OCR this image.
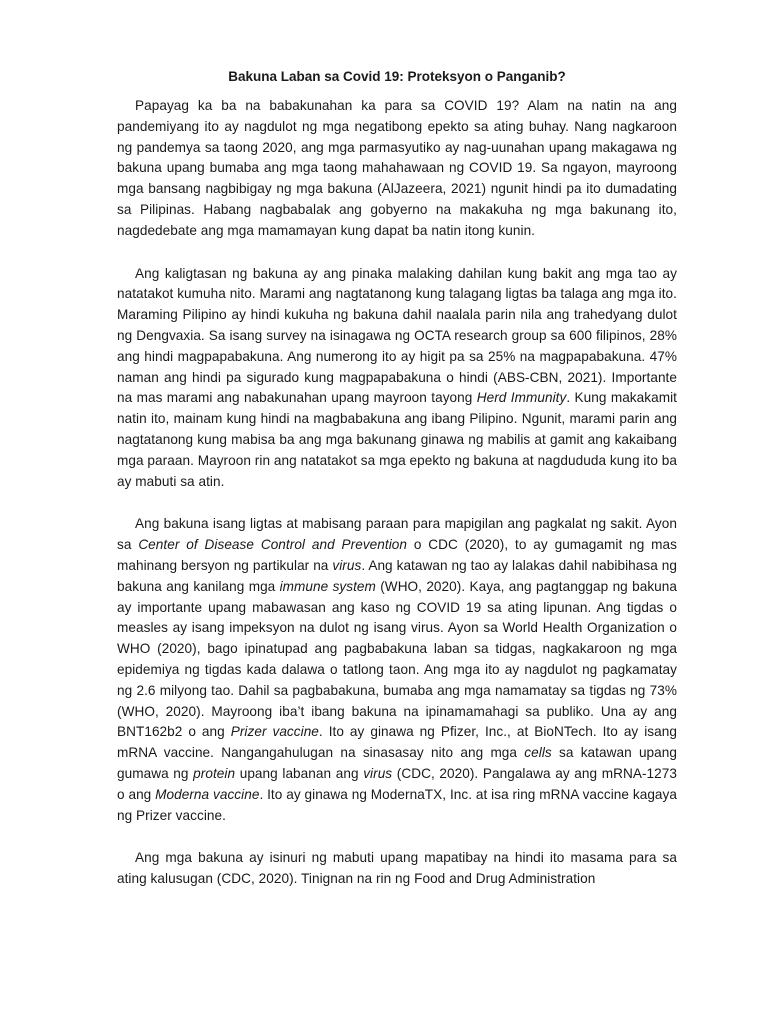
Bakuna Laban sa Covid 19: Proteksyon o Panganib?

Papayag ka ba na babakunahan ka para sa COVID 19? Alam na natin na ang pandemiyang ito ay nagdulot ng mga negatibong epekto sa ating buhay. Nang nagkaroon ng pandemya sa taong 2020, ang mga parmasyutiko ay nag-uunahan upang makagawa ng bakuna upang bumaba ang mga taong mahahawaan ng COVID 19. Sa ngayon, mayroong mga bansang nagbibigay ng mga bakuna (AlJazeera, 2021) ngunit hindi pa ito dumadating sa Pilipinas. Habang nagbabalak ang gobyerno na makakuha ng mga bakunang ito, nagdedebate ang mga mamamayan kung dapat ba natin itong kunin.

Ang kaligtasan ng bakuna ay ang pinaka malaking dahilan kung bakit ang mga tao ay natatakot kumuha nito. Marami ang nagtatanong kung talagang ligtas ba talaga ang mga ito. Maraming Pilipino ay hindi kukuha ng bakuna dahil naalala parin nila ang trahedyang dulot ng Dengvaxia. Sa isang survey na isinagawa ng OCTA research group sa 600 filipinos, 28% ang hindi magpapabakuna. Ang numerong ito ay higit pa sa 25% na magpapabakuna. 47% naman ang hindi pa sigurado kung magpapabakuna o hindi (ABS-CBN, 2021). Importante na mas marami ang nabakunahan upang mayroon tayong Herd Immunity. Kung makakamit natin ito, mainam kung hindi na magbabakuna ang ibang Pilipino. Ngunit, marami parin ang nagtatanong kung mabisa ba ang mga bakunang ginawa ng mabilis at gamit ang kakaibang mga paraan. Mayroon rin ang natatakot sa mga epekto ng bakuna at nagdududa kung ito ba ay mabuti sa atin.

Ang bakuna isang ligtas at mabisang paraan para mapigilan ang pagkalat ng sakit. Ayon sa Center of Disease Control and Prevention o CDC (2020), to ay gumagamit ng mas mahinang bersyon ng partikular na virus. Ang katawan ng tao ay lalakas dahil nabibihasa ng bakuna ang kanilang mga immune system (WHO, 2020). Kaya, ang pagtanggap ng bakuna ay importante upang mabawasan ang kaso ng COVID 19 sa ating lipunan. Ang tigdas o measles ay isang impeksyon na dulot ng isang virus. Ayon sa World Health Organization o WHO (2020), bago ipinatupad ang pagbabakuna laban sa tidgas, nagkakaroon ng mga epidemiya ng tigdas kada dalawa o tatlong taon. Ang mga ito ay nagdulot ng pagkamatay ng 2.6 milyong tao. Dahil sa pagbabakuna, bumaba ang mga namamatay sa tigdas ng 73% (WHO, 2020). Mayroong iba’t ibang bakuna na ipinamamahagi sa publiko. Una ay ang BNT162b2 o ang Prizer vaccine. Ito ay ginawa ng Pfizer, Inc., at BioNTech. Ito ay isang mRNA vaccine. Nangangahulugan na sinasasay nito ang mga cells sa katawan upang gumawa ng protein upang labanan ang virus (CDC, 2020). Pangalawa ay ang mRNA-1273 o ang Moderna vaccine. Ito ay ginawa ng ModernaTX, Inc. at isa ring mRNA vaccine kagaya ng Prizer vaccine.

Ang mga bakuna ay isinuri ng mabuti upang mapatibay na hindi ito masama para sa ating kalusugan (CDC, 2020). Tinignan na rin ng Food and Drug Administration
